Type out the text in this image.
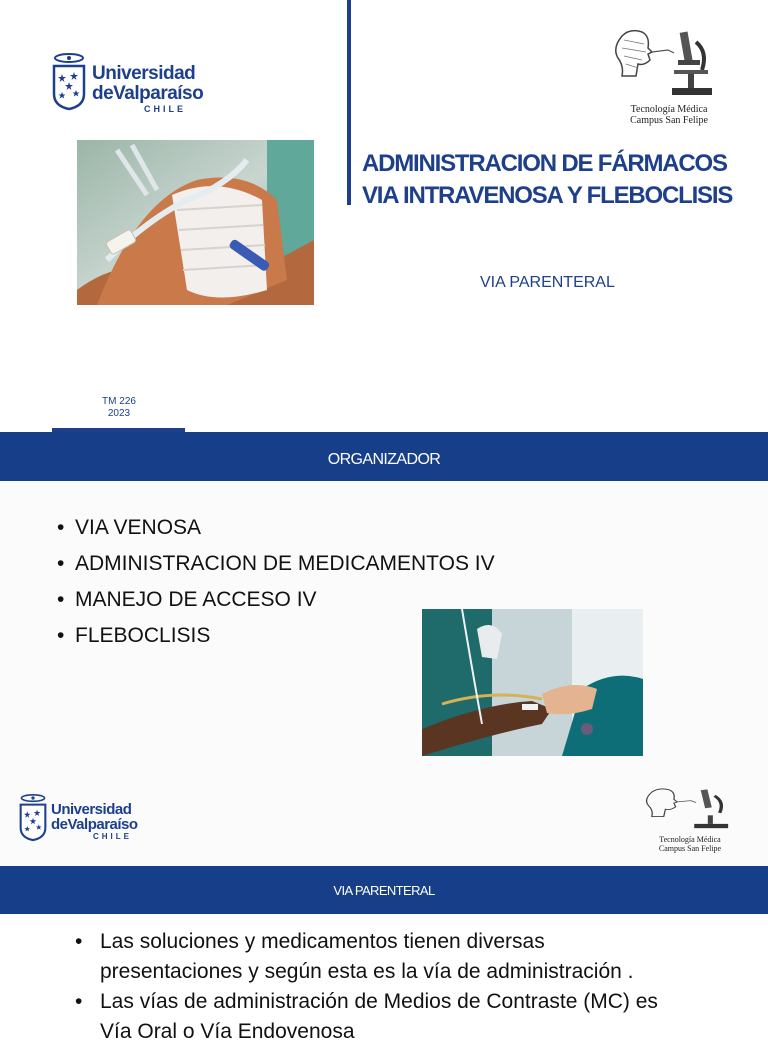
Universidad
deValparaíso
CHILE	Tecnología Médica
Campus San Felipe
ADMINISTRACION DE FÁRMACOS
VIA INTRAVENOSA Y FLEBOCLISIS
VIA PARENTERAL
TM 226
2023
ORGANIZADOR
• VIA VENOSA
• ADMINISTRACION DE MEDICAMENTOS IV
• MANEJO DE ACCESO IV
• FLEBOCLISIS
Universidad
deValparaíso
CHILE	Tecnología Médica
Campus San Felipe
VIA PARENTERAL
• Las soluciones y medicamentos tienen diversas
presentaciones y según esta es la vía de administración .
• Las vías de administración de Medios de Contraste (MC) es
Vía Oral o Vía Endovenosa
